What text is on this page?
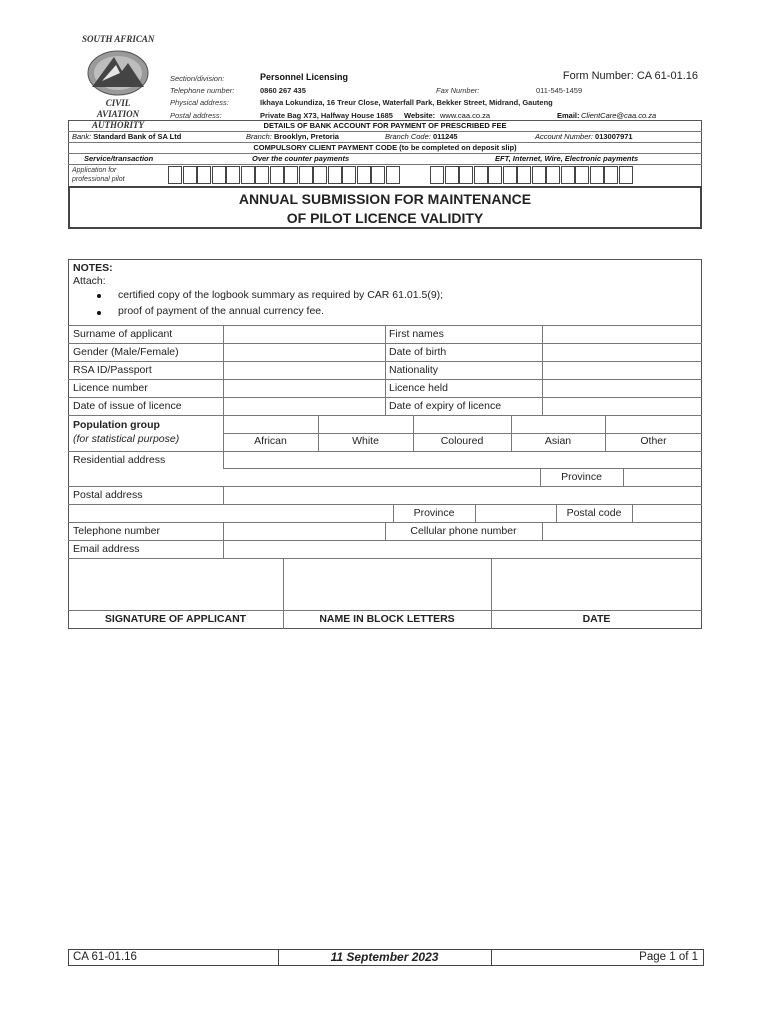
SOUTH AFRICAN
CIVIL AVIATION
AUTHORITY
Section/division:	Personnel Licensing	Form Number: CA 61-01.16
Telephone number:	0860 267 435	Fax Number:	011-545-1459
Physical address:	Ikhaya Lokundiza, 16 Treur Close, Waterfall Park, Bekker Street, Midrand, Gauteng
Postal address:	Private Bag X73, Halfway House 1685 Website: www.caa.co.za	Email: ClientCare@caa.co.za
DETAILS OF BANK ACCOUNT FOR PAYMENT OF PRESCRIBED FEE
Bank: Standard Bank of SA Ltd	Branch: Brooklyn, Pretoria	Branch Code: 011245	Account Number: 013007971
COMPULSORY CLIENT PAYMENT CODE (to be completed on deposit slip)
Service/transaction	Over the counter payments	EFT, Internet, Wire, Electronic payments
Application for
professional pilot
ANNUAL SUBMISSION FOR MAINTENANCE
OF PILOT LICENCE VALIDITY
NOTES:
Attach:
certified copy of the logbook summary as required by CAR 61.01.5(9);
proof of payment of the annual currency fee.
Surname of applicant	First names
Gender (Male/Female)	Date of birth
RSA ID/Passport	Nationality
Licence number	Licence held
Date of issue of licence	Date of expiry of licence
Population group
(for statistical purpose)	African	White	Coloured	Asian	Other
Residential address
Province
Postal address
Province	Postal code
Telephone number	Cellular phone number
Email address
SIGNATURE OF APPLICANT	NAME IN BLOCK LETTERS	DATE
CA 61-01.16	11 September 2023	Page 1 of 1
